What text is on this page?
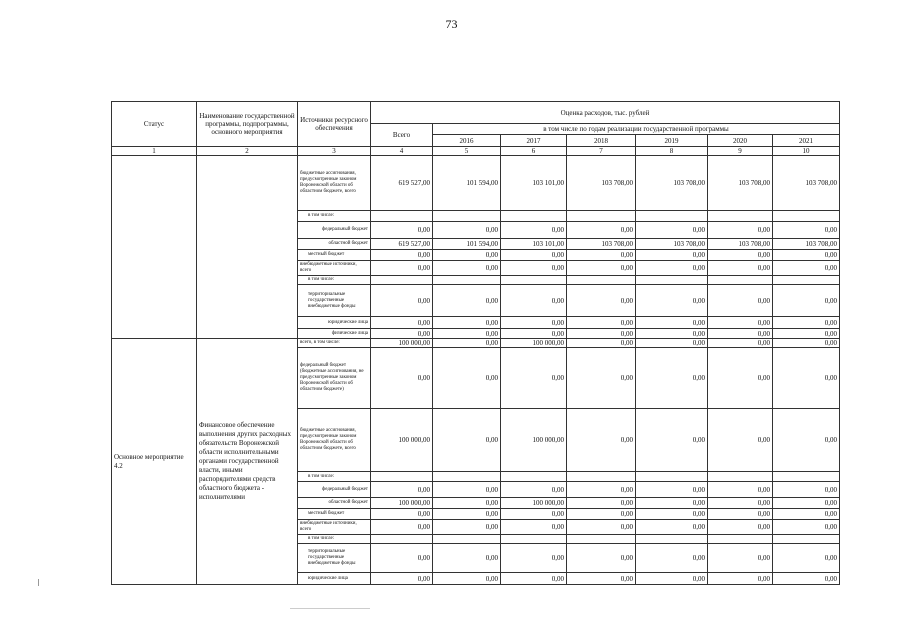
73
Статус	Наименование государственной программы, подпрограммы, основного мероприятия	Источники ресурсного обеспечения	Оценка расходов, тыс. рублей						
			Всего	в том числе по годам реализации государственной программы					
				2016	2017	2018	2019	2020	2021
1	2	3	4	5	6	7	8	9	10
		бюджетные ассигнования, предусмотренные законом Воронежской области об областном бюджете, всего	619 527,00	101 594,00	103 101,00	103 708,00	103 708,00	103 708,00	103 708,00
		в том числе:							
		федеральный бюджет	0,00	0,00	0,00	0,00	0,00	0,00	0,00
		областной бюджет	619 527,00	101 594,00	103 101,00	103 708,00	103 708,00	103 708,00	103 708,00
		местный бюджет	0,00	0,00	0,00	0,00	0,00	0,00	0,00
		внебюджетные источники, всего	0,00	0,00	0,00	0,00	0,00	0,00	0,00
		в том числе:							
		территориальные государственные внебюджетные фонды	0,00	0,00	0,00	0,00	0,00	0,00	0,00
		юридические лица	0,00	0,00	0,00	0,00	0,00	0,00	0,00
		физические лица	0,00	0,00	0,00	0,00	0,00	0,00	0,00
Основное мероприятие 4.2	Финансовое обеспечение выполнения других расходных обязательств Воронежской области исполнительными органами государственной власти, иными распорядителями средств областного бюджета - исполнителями	всего, в том числе:	100 000,00	0,00	100 000,00	0,00	0,00	0,00	0,00
		федеральный бюджет (бюджетные ассигнования, не предусмотренные законом Воронежской области об областном бюджете)	0,00	0,00	0,00	0,00	0,00	0,00	0,00
		бюджетные ассигнования, предусмотренные законом Воронежской области об областном бюджете, всего	100 000,00	0,00	100 000,00	0,00	0,00	0,00	0,00
		в том числе:							
		федеральный бюджет	0,00	0,00	0,00	0,00	0,00	0,00	0,00
		областной бюджет	100 000,00	0,00	100 000,00	0,00	0,00	0,00	0,00
		местный бюджет	0,00	0,00	0,00	0,00	0,00	0,00	0,00
		внебюджетные источники, всего	0,00	0,00	0,00	0,00	0,00	0,00	0,00
		в том числе:							
		территориальные государственные внебюджетные фонды	0,00	0,00	0,00	0,00	0,00	0,00	0,00
		юридические лица	0,00	0,00	0,00	0,00	0,00	0,00	0,00
